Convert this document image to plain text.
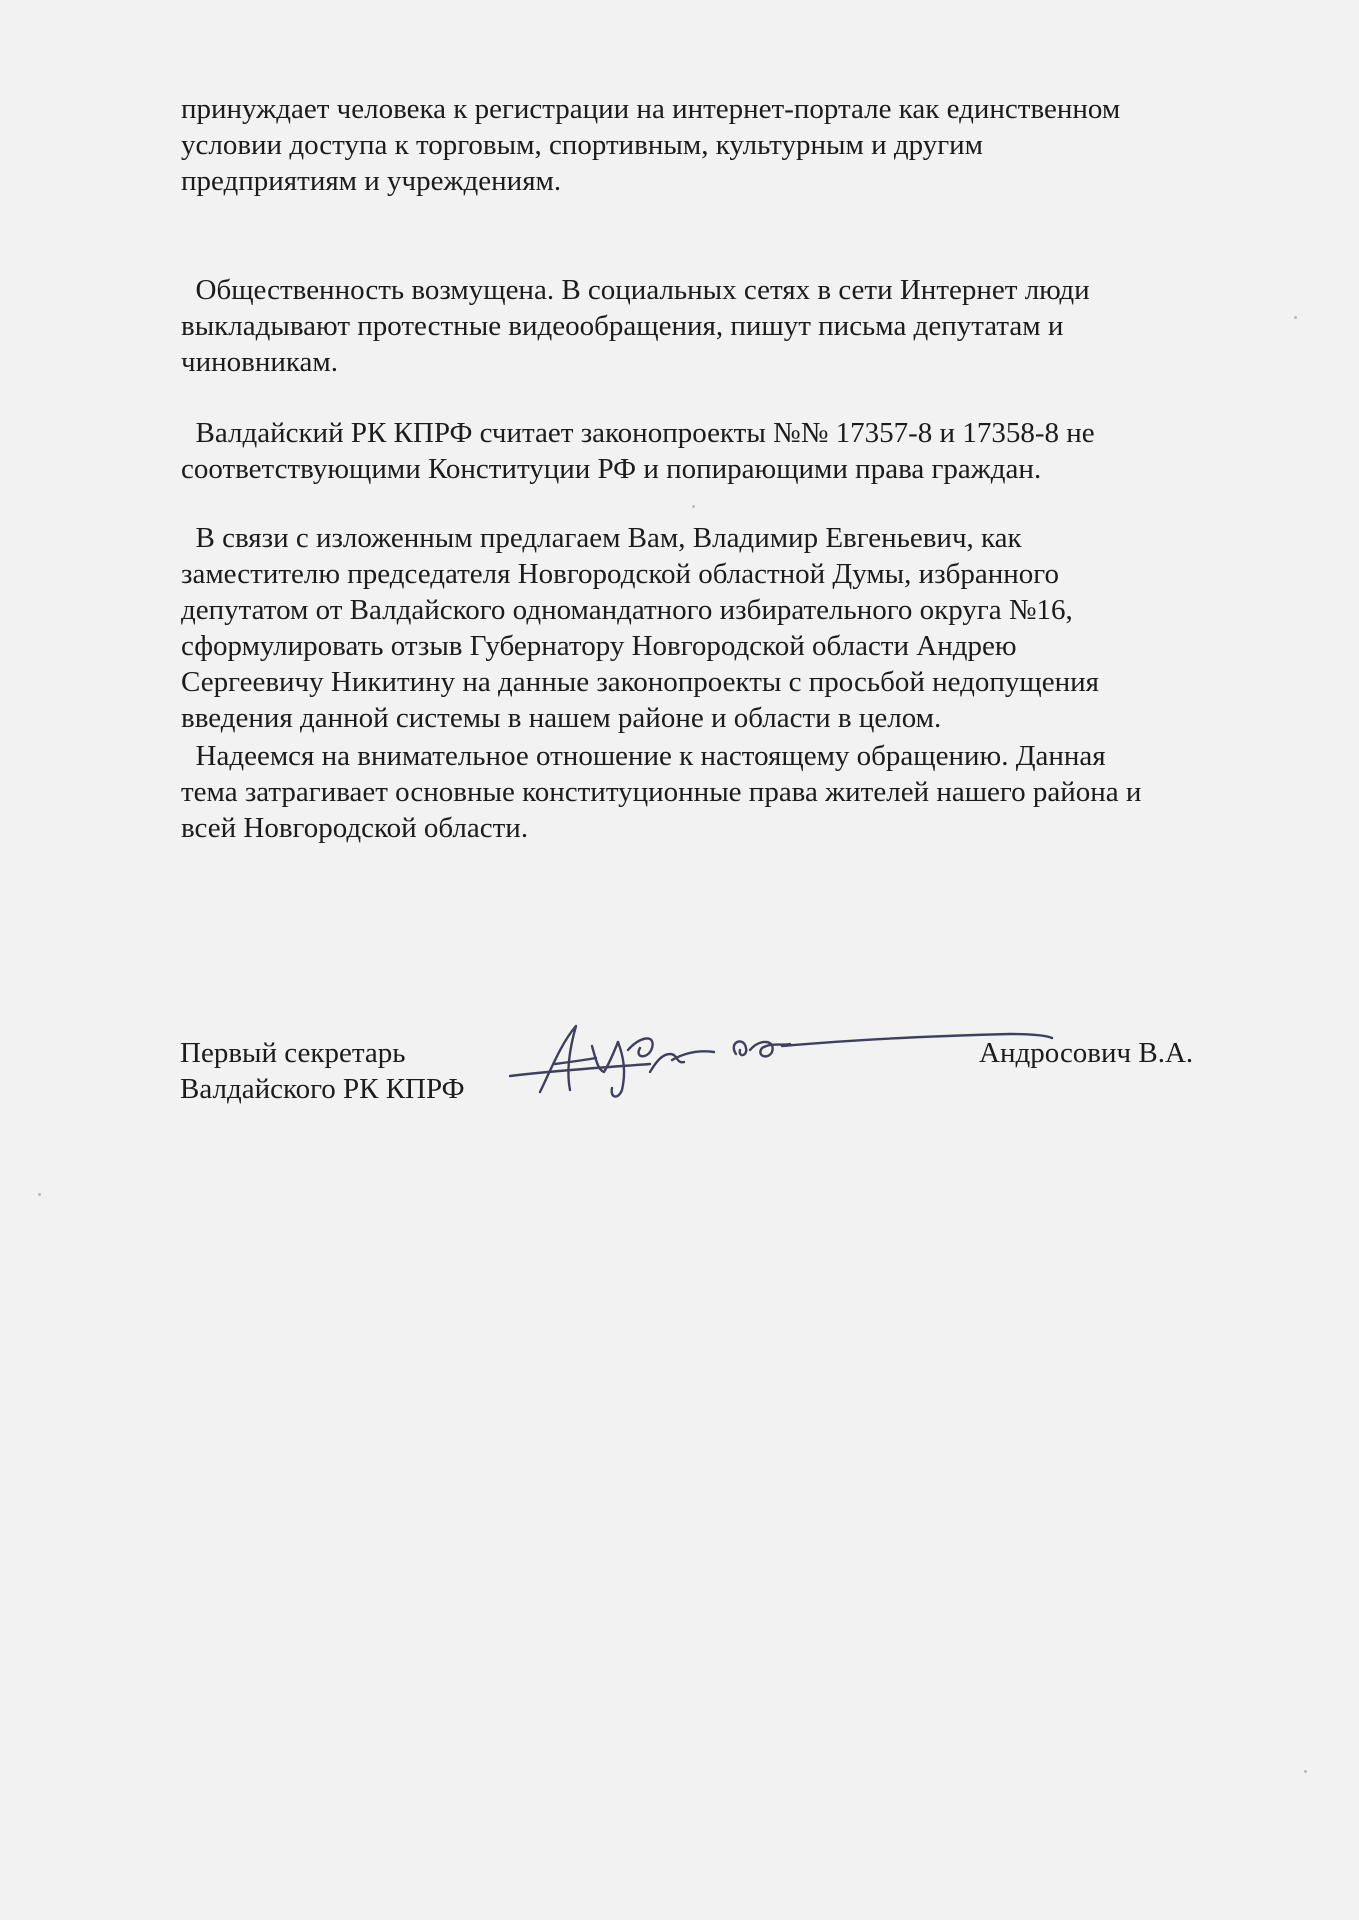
принуждает человека к регистрации на интернет-портале как единственном
условии доступа к торговым, спортивным, культурным и другим
предприятиям и учреждениям.

Общественность возмущена. В социальных сетях в сети Интернет люди
выкладывают протестные видеообращения, пишут письма депутатам и
чиновникам.

Валдайский РК КПРФ считает законопроекты №№ 17357-8 и 17358-8 не
соответствующими Конституции РФ и попирающими права граждан.

В связи с изложенным предлагаем Вам, Владимир Евгеньевич, как
заместителю председателя Новгородской областной Думы, избранного
депутатом от Валдайского одномандатного избирательного округа №16,
сформулировать отзыв Губернатору Новгородской области Андрею
Сергеевичу Никитину на данные законопроекты с просьбой недопущения
введения данной системы в нашем районе и области в целом.

Надеемся на внимательное отношение к настоящему обращению. Данная
тема затрагивает основные конституционные права жителей нашего района и
всей Новгородской области.

Первый секретарь
Валдайского РК КПРФ
Андросович В.А.
